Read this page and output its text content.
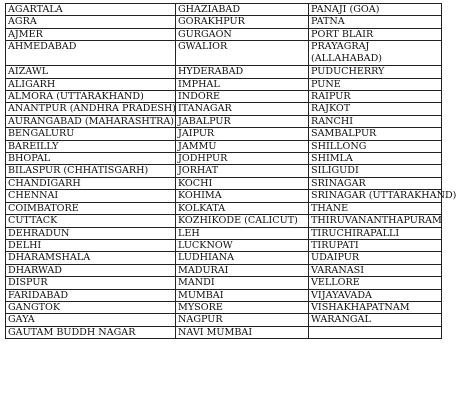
AGARTALA	GHAZIABAD	PANAJI (GOA)
AGRA	GORAKHPUR	PATNA
AJMER	GURGAON	PORT BLAIR
AHMEDABAD	GWALIOR	PRAYAGRAJ (ALLAHABAD)
AIZAWL	HYDERABAD	PUDUCHERRY
ALIGARH	IMPHAL	PUNE
ALMORA (UTTARAKHAND)	INDORE	RAIPUR
ANANTPUR (ANDHRA PRADESH)	ITANAGAR	RAJKOT
AURANGABAD (MAHARASHTRA)	JABALPUR	RANCHI
BENGALURU	JAIPUR	SAMBALPUR
BAREILLY	JAMMU	SHILLONG
BHOPAL	JODHPUR	SHIMLA
BILASPUR (CHHATISGARH)	JORHAT	SILIGUDI
CHANDIGARH	KOCHI	SRINAGAR
CHENNAI	KOHIMA	SRINAGAR (UTTARAKHAND)
COIMBATORE	KOLKATA	THANE
CUTTACK	KOZHIKODE (CALICUT)	THIRUVANANTHAPURAM
DEHRADUN	LEH	TIRUCHIRAPALLI
DELHI	LUCKNOW	TIRUPATI
DHARAMSHALA	LUDHIANA	UDAIPUR
DHARWAD	MADURAI	VARANASI
DISPUR	MANDI	VELLORE
FARIDABAD	MUMBAI	VIJAYAVADA
GANGTOK	MYSORE	VISHAKHAPATNAM
GAYA	NAGPUR	WARANGAL
GAUTAM BUDDH NAGAR	NAVI MUMBAI	
